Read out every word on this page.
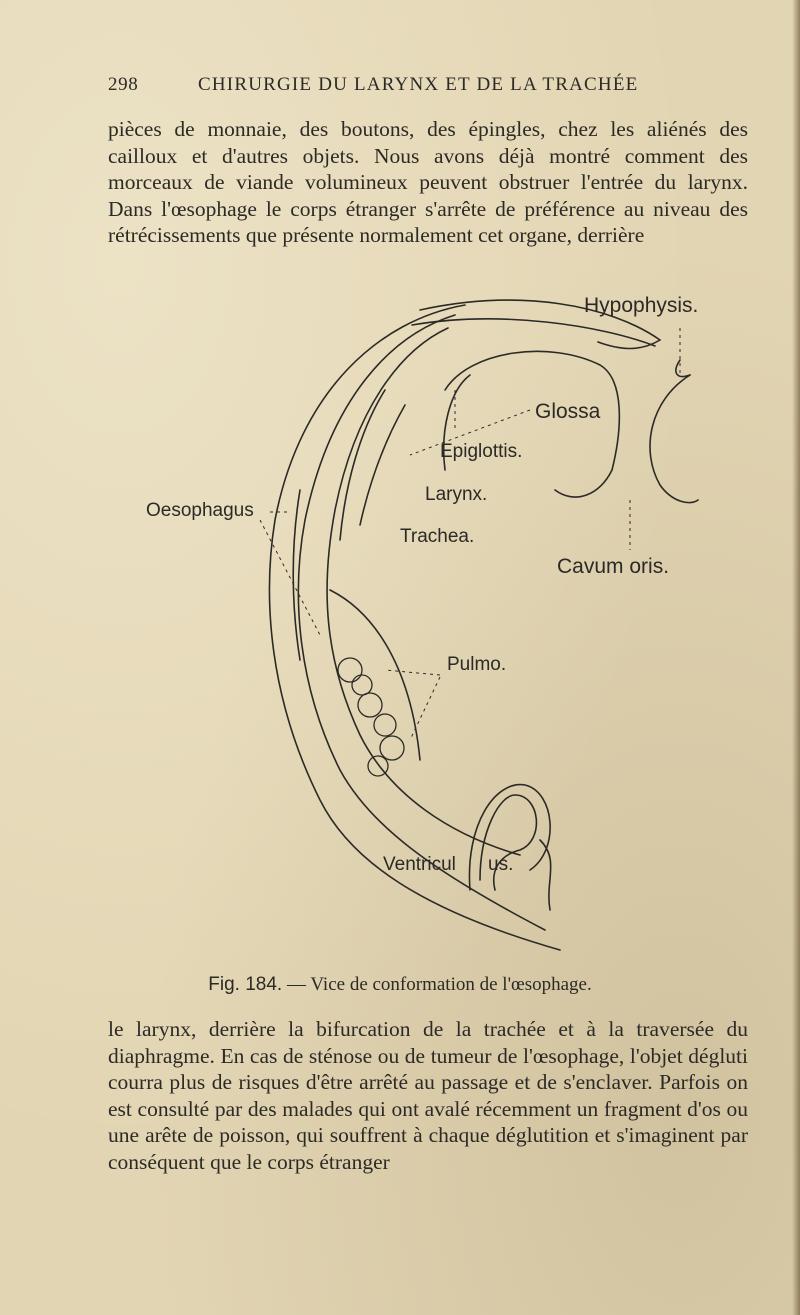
298	CHIRURGIE DU LARYNX ET DE LA TRACHÉE

pièces de monnaie, des boutons, des épingles, chez les aliénés des cailloux et d'autres objets. Nous avons déjà montré comment des morceaux de viande volumineux peuvent obstruer l'entrée du larynx. Dans l'œsophage le corps étranger s'arrête de préférence au niveau des rétrécissements que présente normalement cet organe, derrière

Hypophysis.
Glossa
Epiglottis.
Larynx.
Trachea.
Oesophagus
Cavum oris.
Pulmo.
Ventricul us.
Fig. 184. — Vice de conformation de l'œsophage.

le larynx, derrière la bifurcation de la trachée et à la traversée du diaphragme. En cas de sténose ou de tumeur de l'œsophage, l'objet dégluti courra plus de risques d'être arrêté au passage et de s'enclaver. Parfois on est consulté par des malades qui ont avalé récemment un fragment d'os ou une arête de poisson, qui souffrent à chaque déglutition et s'imaginent par conséquent que le corps étranger
